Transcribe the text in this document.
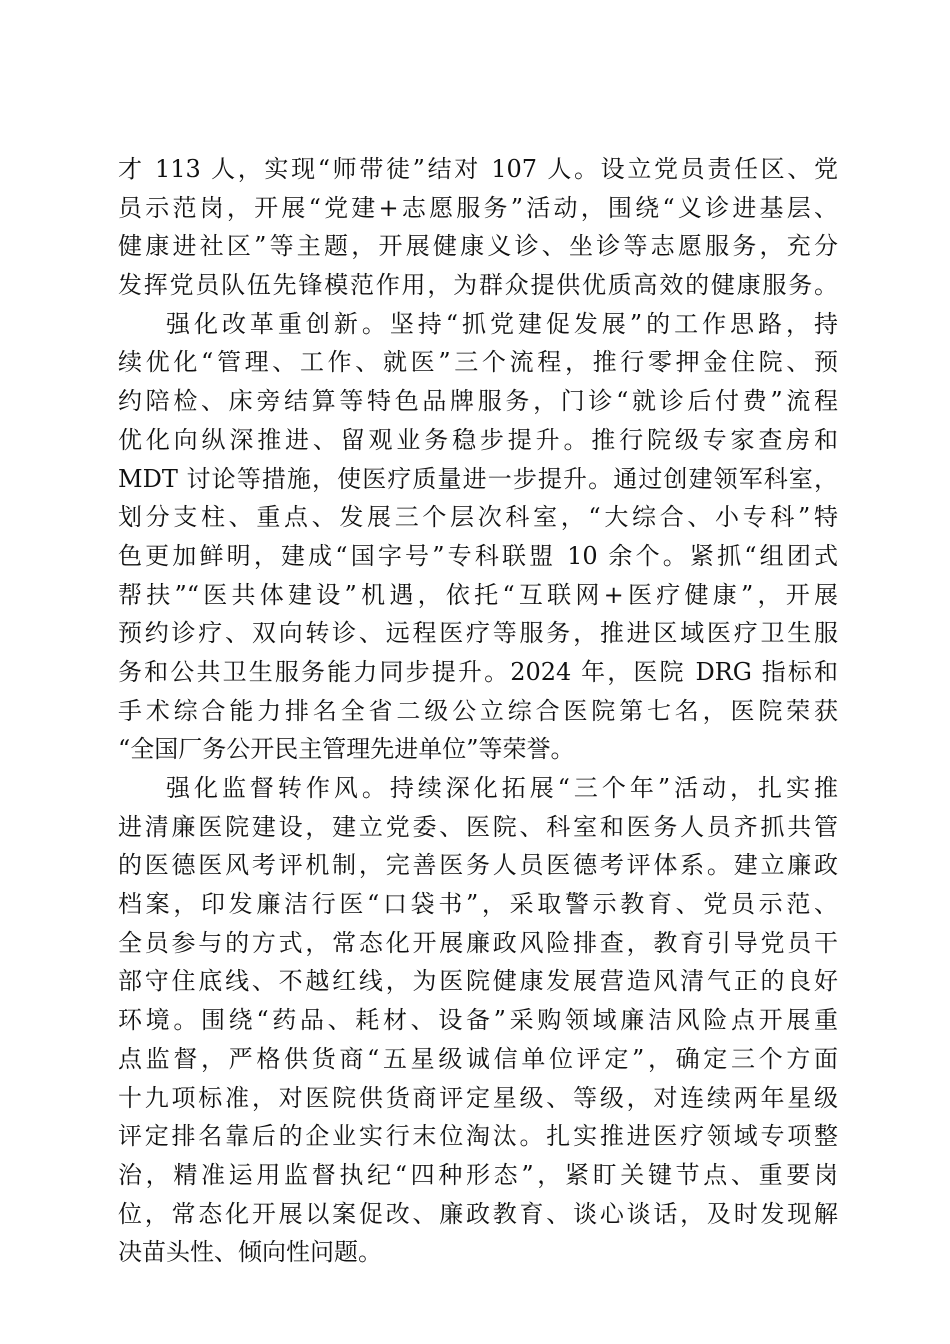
才 113 人，实现“师带徒”结对 107 人。设立党员责任区、党
员示范岗，开展“党建+志愿服务”活动，围绕“义诊进基层、
健康进社区”等主题，开展健康义诊、坐诊等志愿服务，充分
发挥党员队伍先锋模范作用，为群众提供优质高效的健康服务。
强化改革重创新。坚持“抓党建促发展”的工作思路，持
续优化“管理、工作、就医”三个流程，推行零押金住院、预
约陪检、床旁结算等特色品牌服务，门诊“就诊后付费”流程
优化向纵深推进、留观业务稳步提升。推行院级专家查房和
MDT 讨论等措施，使医疗质量进一步提升。通过创建领军科室，
划分支柱、重点、发展三个层次科室，“大综合、小专科”特
色更加鲜明，建成“国字号”专科联盟 10 余个。紧抓“组团式
帮扶”“医共体建设”机遇，依托“互联网+医疗健康”，开展
预约诊疗、双向转诊、远程医疗等服务，推进区域医疗卫生服
务和公共卫生服务能力同步提升。2024 年，医院 DRG 指标和
手术综合能力排名全省二级公立综合医院第七名，医院荣获
“全国厂务公开民主管理先进单位”等荣誉。
强化监督转作风。持续深化拓展“三个年”活动，扎实推
进清廉医院建设，建立党委、医院、科室和医务人员齐抓共管
的医德医风考评机制，完善医务人员医德考评体系。建立廉政
档案，印发廉洁行医“口袋书”，采取警示教育、党员示范、
全员参与的方式，常态化开展廉政风险排查，教育引导党员干
部守住底线、不越红线，为医院健康发展营造风清气正的良好
环境。围绕“药品、耗材、设备”采购领域廉洁风险点开展重
点监督，严格供货商“五星级诚信单位评定”，确定三个方面
十九项标准，对医院供货商评定星级、等级，对连续两年星级
评定排名靠后的企业实行末位淘汰。扎实推进医疗领域专项整
治，精准运用监督执纪“四种形态”，紧盯关键节点、重要岗
位，常态化开展以案促改、廉政教育、谈心谈话，及时发现解
决苗头性、倾向性问题。
